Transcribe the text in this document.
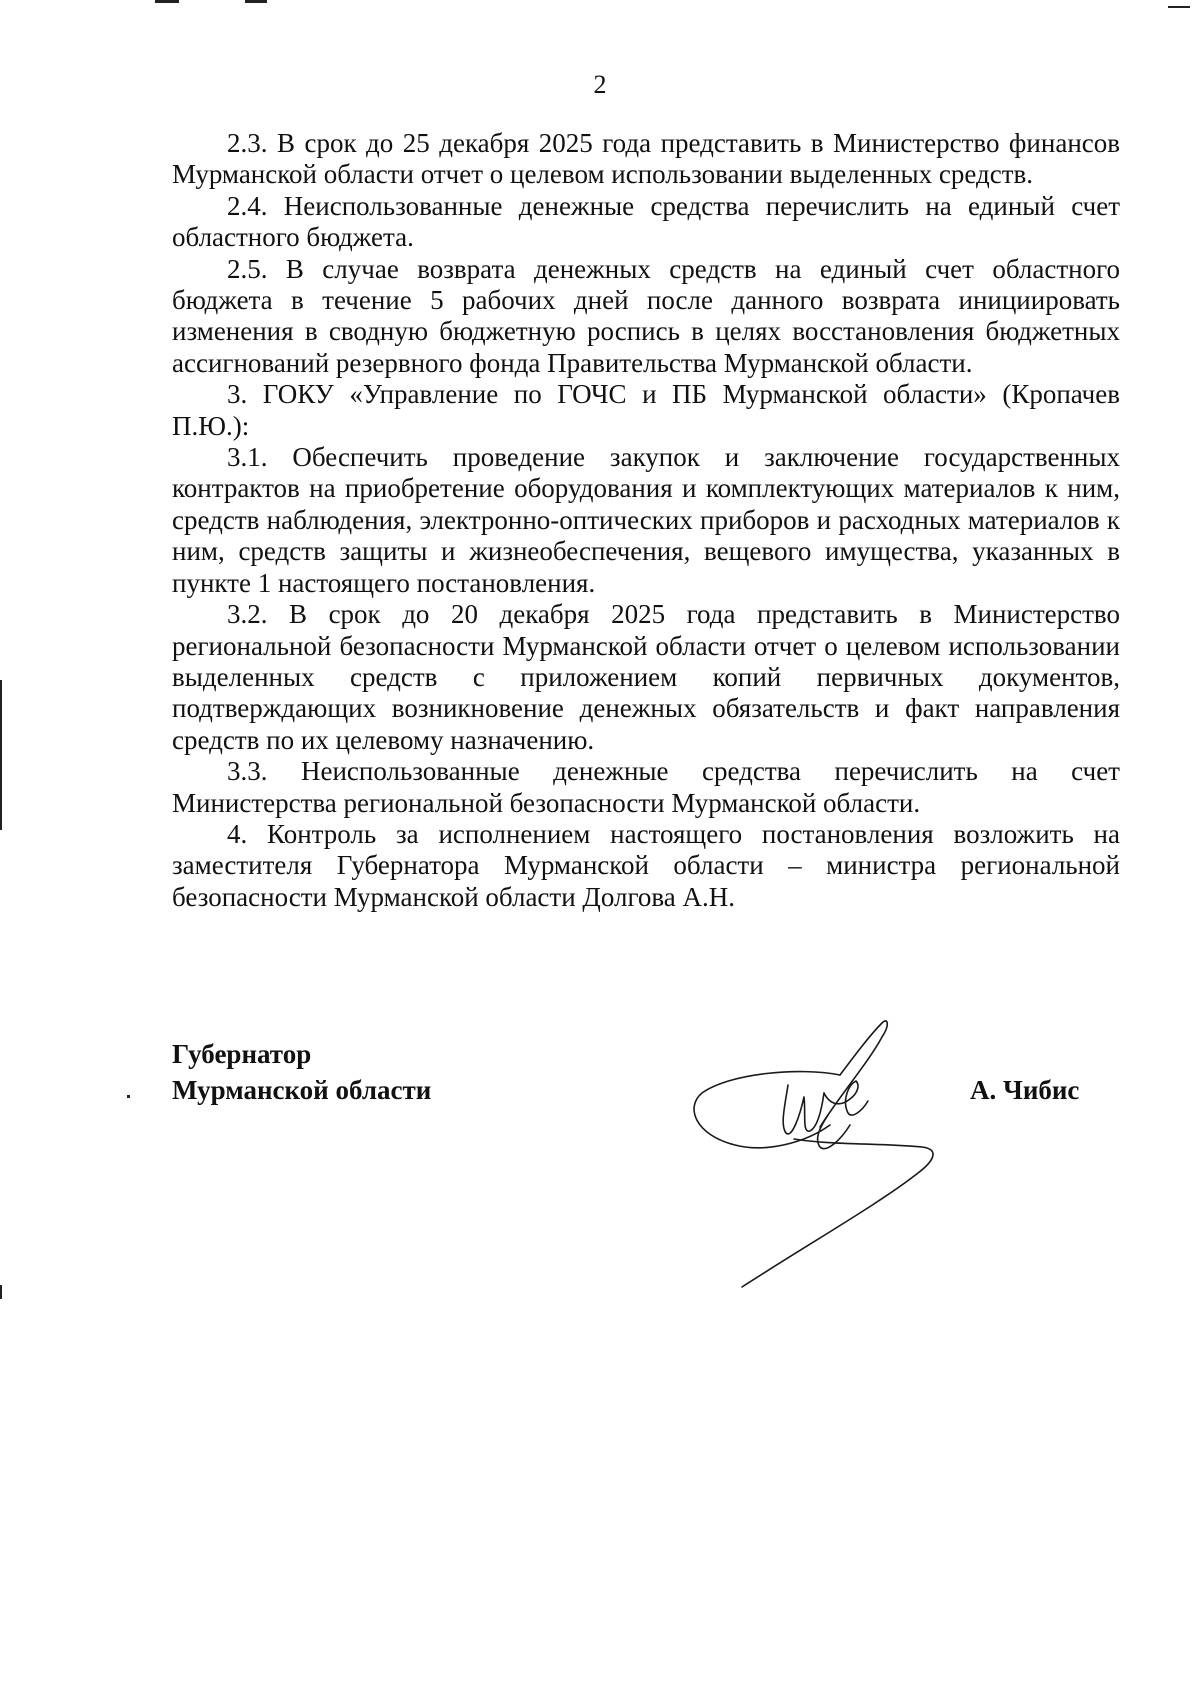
2

2.3. В срок до 25 декабря 2025 года представить в Министерство финансов Мурманской области отчет о целевом использовании выделенных средств.

2.4. Неиспользованные денежные средства перечислить на единый счет областного бюджета.

2.5. В случае возврата денежных средств на единый счет областного бюджета в течение 5 рабочих дней после данного возврата инициировать изменения в сводную бюджетную роспись в целях восстановления бюджетных ассигнований резервного фонда Правительства Мурманской области.

3. ГОКУ «Управление по ГОЧС и ПБ Мурманской области» (Кропачев П.Ю.):

3.1. Обеспечить проведение закупок и заключение государственных контрактов на приобретение оборудования и комплектующих материалов к ним, средств наблюдения, электронно-оптических приборов и расходных материалов к ним, средств защиты и жизнеобеспечения, вещевого имущества, указанных в пункте 1 настоящего постановления.

3.2. В срок до 20 декабря 2025 года представить в Министерство региональной безопасности Мурманской области отчет о целевом использовании выделенных средств с приложением копий первичных документов, подтверждающих возникновение денежных обязательств и факт направления средств по их целевому назначению.

3.3. Неиспользованные денежные средства перечислить на счет Министерства региональной безопасности Мурманской области.

4. Контроль за исполнением настоящего постановления возложить на заместителя Губернатора Мурманской области – министра региональной безопасности Мурманской области Долгова А.Н.

Губернатор
Мурманской области	А. Чибис
